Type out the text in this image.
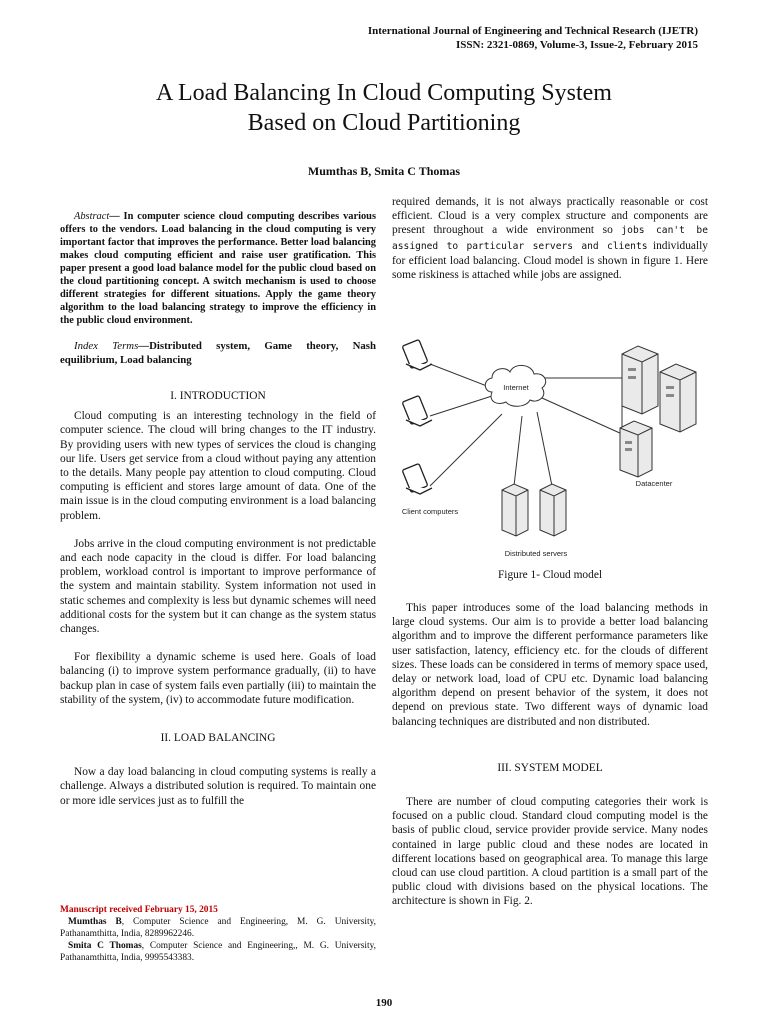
International Journal of Engineering and Technical Research (IJETR)
ISSN: 2321-0869, Volume-3, Issue-2, February 2015
A Load Balancing In Cloud Computing System
Based on Cloud Partitioning
Mumthas B, Smita C Thomas
Abstract— In computer science cloud computing describes various offers to the vendors. Load balancing in the cloud computing is very important factor that improves the performance. Better load balancing makes cloud computing efficient and raise user gratification. This paper present a good load balance model for the public cloud based on the cloud partitioning concept. A switch mechanism is used to choose different strategies for different situations. Apply the game theory algorithm to the load balancing strategy to improve the efficiency in the public cloud environment.
Index Terms—Distributed system, Game theory, Nash equilibrium, Load balancing
I. INTRODUCTION

Cloud computing is an interesting technology in the field of computer science. The cloud will bring changes to the IT industry. By providing users with new types of services the cloud is changing our life. Users get service from a cloud without paying any attention to the details. Many people pay attention to cloud computing. Cloud computing is efficient and stores large amount of data. One of the main issue is in the cloud computing environment is a load balancing problem.

Jobs arrive in the cloud computing environment is not predictable and each node capacity in the cloud is differ. For load balancing problem, workload control is important to improve performance of the system and maintain stability. System information not used in static schemes and complexity is less but dynamic schemes will need additional costs for the system but it can change as the system status changes.

For flexibility a dynamic scheme is used here. Goals of load balancing (i) to improve system performance gradually, (ii) to have backup plan in case of system fails even partially (iii) to maintain the stability of the system, (iv) to accommodate future modification.

II. LOAD BALANCING

Now a day load balancing in cloud computing systems is really a challenge. Always a distributed solution is required. To maintain one or more idle services just as to fulfill the

Manuscript received February 15, 2015
Mumthas B, Computer Science and Engineering, M. G. University, Pathanamthitta, India, 8289962246.
Smita C Thomas, Computer Science and Engineering,, M. G. University, Pathanamthitta, India, 9995543383.
required demands, it is not always practically reasonable or cost efficient. Cloud is a very complex structure and components are present throughout a wide environment so jobs can't be assigned to particular servers and clients individually for efficient load balancing. Cloud model is shown in figure 1. Here some riskiness is attached while jobs are assigned.
Internet
Datacenter
Client computers
Distributed servers
Figure 1- Cloud model

This paper introduces some of the load balancing methods in large cloud systems. Our aim is to provide a better load balancing algorithm and to improve the different performance parameters like user satisfaction, latency, efficiency etc. for the clouds of different sizes. These loads can be considered in terms of memory space used, delay or network load, load of CPU etc. Dynamic load balancing algorithm depend on present behavior of the system, it does not depend on previous state. Two different ways of dynamic load balancing techniques are distributed and non distributed.

III. SYSTEM MODEL

There are number of cloud computing categories their work is focused on a public cloud. Standard cloud computing model is the basis of public cloud, service provider provide service. Many nodes contained in large public cloud and these nodes are located in different locations based on geographical area. To manage this large cloud can use cloud partition. A cloud partition is a small part of the public cloud with divisions based on the physical locations. The architecture is shown in Fig. 2.

190
